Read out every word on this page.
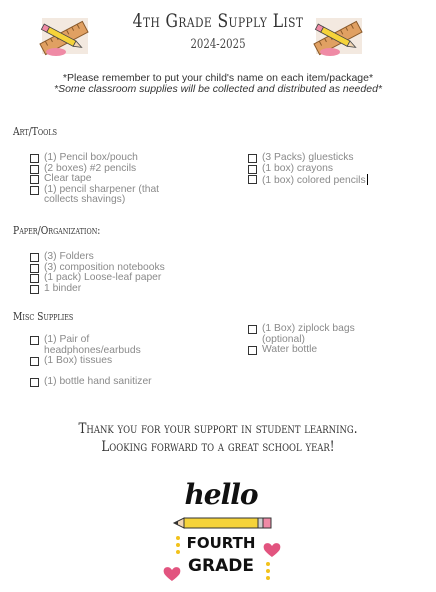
4th Grade Supply List
2024-2025
*Please remember to put your child's name on each item/package*
*Some classroom supplies will be collected and distributed as needed*
Art/Tools
(1) Pencil box/pouch
(2 boxes) #2 pencils
Clear tape
(1) pencil sharpener (that collects shavings)
(3 Packs) gluesticks
(1 box) crayons
(1 box) colored pencils
Paper/Organization:
(3) Folders
(3) composition notebooks
(1 pack) Loose-leaf paper
1 binder
Misc Supplies
(1) Pair of headphones/earbuds
(1 Box) tissues
(1) bottle hand sanitizer
(1 Box) ziplock bags (optional)
Water bottle
Thank you for your support in student learning. Looking forward to a great school year!
hello
FOURTH
GRADE
